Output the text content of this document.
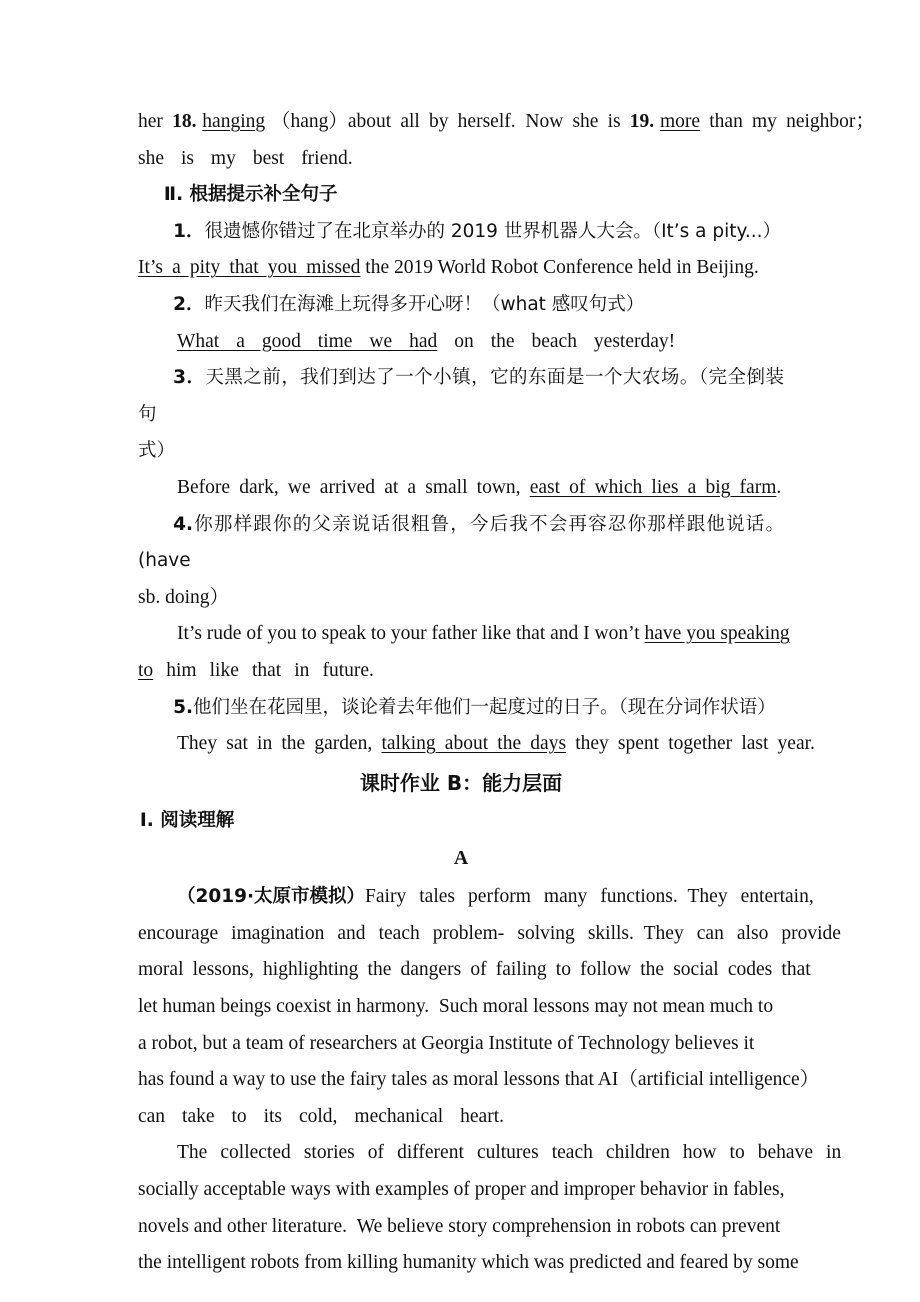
her 18. hanging （hang）about all by herself. Now she is 19. more than my neighbor；
she is my best friend.
Ⅱ. 根据提示补全句子
1．很遗憾你错过了在北京举办的 2019 世界机器人大会。（It’s a pity...）
It’s a pity that you missed the 2019 World Robot Conference held in Beijing.
2．昨天我们在海滩上玩得多开心呀！（what 感叹句式）
What a good time we had on the beach yesterday!
3．天黑之前，我们到达了一个小镇，它的东面是一个大农场。（完全倒装句
式）
Before dark, we arrived at a small town, east of which lies a big farm.
4.你那样跟你的父亲说话很粗鲁，今后我不会再容忍你那样跟他说话。(have
sb. doing）
It’s rude of you to speak to your father like that and I won’t have you speaking
to him like that in future.
5.他们坐在花园里，谈论着去年他们一起度过的日子。（现在分词作状语）
They sat in the garden, talking about the days they spent together last year.
课时作业 B：能力层面
Ⅰ. 阅读理解
A
（2019·太原市模拟）Fairy tales perform many functions. They entertain,
encourage imagination and teach problem- solving skills. They can also provide
moral lessons, highlighting the dangers of failing to follow the social codes that
let human beings coexist in harmony. Such moral lessons may not mean much to
a robot, but a team of researchers at Georgia Institute of Technology believes it
has found a way to use the fairy tales as moral lessons that AI（artificial intelligence）
can take to its cold, mechanical heart.
The collected stories of different cultures teach children how to behave in
socially acceptable ways with examples of proper and improper behavior in fables,
novels and other literature. We believe story comprehension in robots can prevent
the intelligent robots from killing humanity which was predicted and feared by some
